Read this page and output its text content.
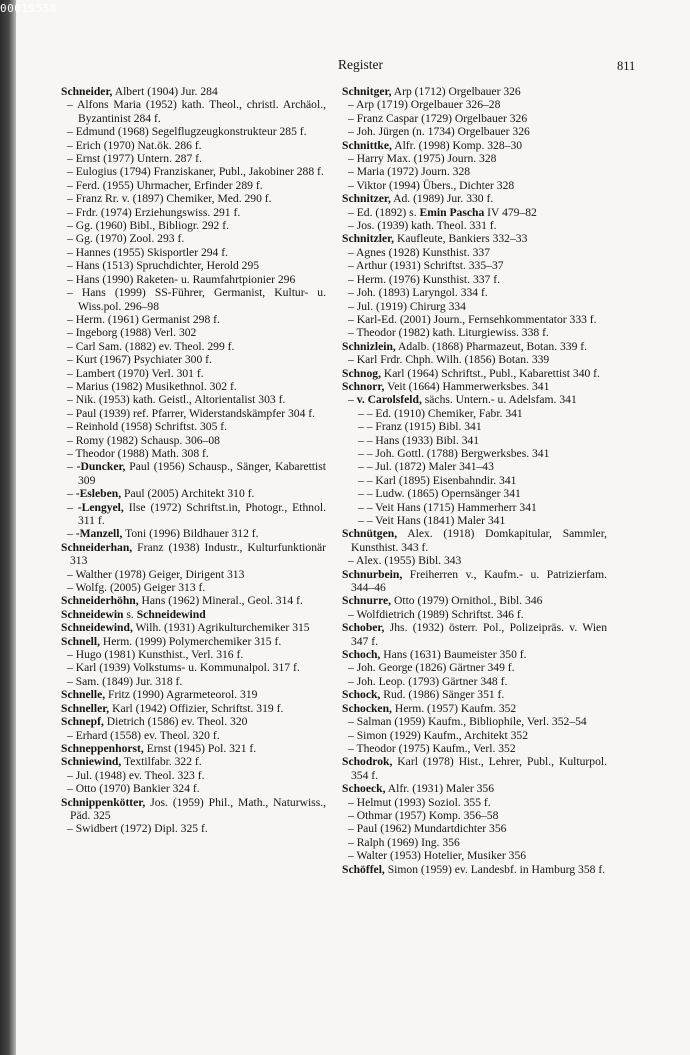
00019558
Register	811
Schneider, Albert (1904) Jur. 284
– Alfons Maria (1952) kath. Theol., christl. Archäol., Byzantinist 284 f.
– Edmund (1968) Segelflugzeugkonstrukteur 285 f.
– Erich (1970) Nat.ök. 286 f.
– Ernst (1977) Untern. 287 f.
– Eulogius (1794) Franziskaner, Publ., Jakobiner 288 f.
– Ferd. (1955) Uhrmacher, Erfinder 289 f.
– Franz Rr. v. (1897) Chemiker, Med. 290 f.
– Frdr. (1974) Erziehungswiss. 291 f.
– Gg. (1960) Bibl., Bibliogr. 292 f.
– Gg. (1970) Zool. 293 f.
– Hannes (1955) Skisportler 294 f.
– Hans (1513) Spruchdichter, Herold 295
– Hans (1990) Raketen- u. Raumfahrtpionier 296
– Hans (1999) SS-Führer, Germanist, Kultur- u. Wiss.pol. 296–98
– Herm. (1961) Germanist 298 f.
– Ingeborg (1988) Verl. 302
– Carl Sam. (1882) ev. Theol. 299 f.
– Kurt (1967) Psychiater 300 f.
– Lambert (1970) Verl. 301 f.
– Marius (1982) Musikethnol. 302 f.
– Nik. (1953) kath. Geistl., Altorientalist 303 f.
– Paul (1939) ref. Pfarrer, Widerstandskämpfer 304 f.
– Reinhold (1958) Schriftst. 305 f.
– Romy (1982) Schausp. 306–08
– Theodor (1988) Math. 308 f.
– -Duncker, Paul (1956) Schausp., Sänger, Kabarettist 309
– -Esleben, Paul (2005) Architekt 310 f.
– -Lengyel, Ilse (1972) Schriftst.in, Photogr., Ethnol. 311 f.
– -Manzell, Toni (1996) Bildhauer 312 f.
Schneiderhan, Franz (1938) Industr., Kulturfunktionär 313
– Walther (1978) Geiger, Dirigent 313
– Wolfg. (2005) Geiger 313 f.
Schneiderhöhn, Hans (1962) Mineral., Geol. 314 f.
Schneidewin s. Schneidewind
Schneidewind, Wilh. (1931) Agrikulturchemiker 315
Schnell, Herm. (1999) Polymerchemiker 315 f.
– Hugo (1981) Kunsthist., Verl. 316 f.
– Karl (1939) Volkstums- u. Kommunalpol. 317 f.
– Sam. (1849) Jur. 318 f.
Schnelle, Fritz (1990) Agrarmeteorol. 319
Schneller, Karl (1942) Offizier, Schriftst. 319 f.
Schnepf, Dietrich (1586) ev. Theol. 320
– Erhard (1558) ev. Theol. 320 f.
Schneppenhorst, Ernst (1945) Pol. 321 f.
Schniewind, Textilfabr. 322 f.
– Jul. (1948) ev. Theol. 323 f.
– Otto (1970) Bankier 324 f.
Schnippenkötter, Jos. (1959) Phil., Math., Naturwiss., Päd. 325
– Swidbert (1972) Dipl. 325 f.
Schnitger, Arp (1712) Orgelbauer 326
– Arp (1719) Orgelbauer 326–28
– Franz Caspar (1729) Orgelbauer 326
– Joh. Jürgen (n. 1734) Orgelbauer 326
Schnittke, Alfr. (1998) Komp. 328–30
– Harry Max. (1975) Journ. 328
– Maria (1972) Journ. 328
– Viktor (1994) Übers., Dichter 328
Schnitzer, Ad. (1989) Jur. 330 f.
– Ed. (1892) s. Emin Pascha IV 479–82
– Jos. (1939) kath. Theol. 331 f.
Schnitzler, Kaufleute, Bankiers 332–33
– Agnes (1928) Kunsthist. 337
– Arthur (1931) Schriftst. 335–37
– Herm. (1976) Kunsthist. 337 f.
– Joh. (1893) Laryngol. 334 f.
– Jul. (1919) Chirurg 334
– Karl-Ed. (2001) Journ., Fernsehkommentator 333 f.
– Theodor (1982) kath. Liturgiewiss. 338 f.
Schnizlein, Adalb. (1868) Pharmazeut, Botan. 339 f.
– Karl Frdr. Chph. Wilh. (1856) Botan. 339
Schnog, Karl (1964) Schriftst., Publ., Kabarettist 340 f.
Schnorr, Veit (1664) Hammerwerksbes. 341
– v. Carolsfeld, sächs. Untern.- u. Adelsfam. 341
– – Ed. (1910) Chemiker, Fabr. 341
– – Franz (1915) Bibl. 341
– – Hans (1933) Bibl. 341
– – Joh. Gottl. (1788) Bergwerksbes. 341
– – Jul. (1872) Maler 341–43
– – Karl (1895) Eisenbahndir. 341
– – Ludw. (1865) Opernsänger 341
– – Veit Hans (1715) Hammerherr 341
– – Veit Hans (1841) Maler 341
Schnütgen, Alex. (1918) Domkapitular, Sammler, Kunsthist. 343 f.
– Alex. (1955) Bibl. 343
Schnurbein, Freiherren v., Kaufm.- u. Patrizierfam. 344–46
Schnurre, Otto (1979) Ornithol., Bibl. 346
– Wolfdietrich (1989) Schriftst. 346 f.
Schober, Jhs. (1932) österr. Pol., Polizeipräs. v. Wien 347 f.
Schoch, Hans (1631) Baumeister 350 f.
– Joh. George (1826) Gärtner 349 f.
– Joh. Leop. (1793) Gärtner 348 f.
Schock, Rud. (1986) Sänger 351 f.
Schocken, Herm. (1957) Kaufm. 352
– Salman (1959) Kaufm., Bibliophile, Verl. 352–54
– Simon (1929) Kaufm., Architekt 352
– Theodor (1975) Kaufm., Verl. 352
Schodrok, Karl (1978) Hist., Lehrer, Publ., Kulturpol. 354 f.
Schoeck, Alfr. (1931) Maler 356
– Helmut (1993) Soziol. 355 f.
– Othmar (1957) Komp. 356–58
– Paul (1962) Mundartdichter 356
– Ralph (1969) Ing. 356
– Walter (1953) Hotelier, Musiker 356
Schöffel, Simon (1959) ev. Landesbf. in Hamburg 358 f.
